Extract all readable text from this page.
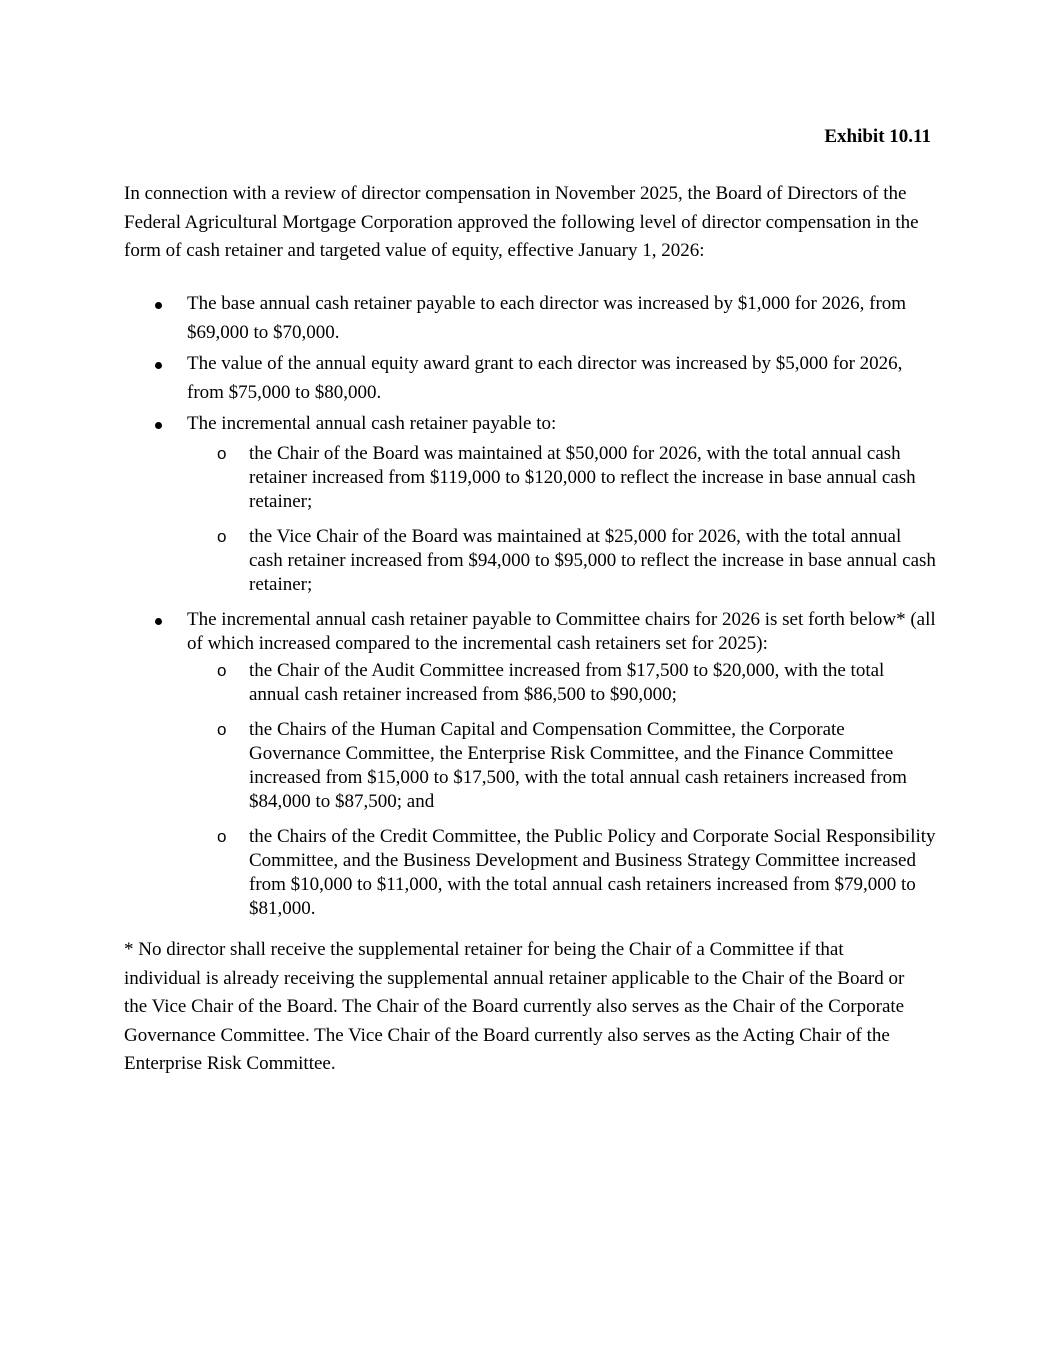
Exhibit 10.11

In connection with a review of director compensation in November 2025, the Board of Directors of the Federal Agricultural Mortgage Corporation approved the following level of director compensation in the form of cash retainer and targeted value of equity, effective January 1, 2026:

The base annual cash retainer payable to each director was increased by $1,000 for 2026, from $69,000 to $70,000.
The value of the annual equity award grant to each director was increased by $5,000 for 2026, from $75,000 to $80,000.
The incremental annual cash retainer payable to:
o the Chair of the Board was maintained at $50,000 for 2026, with the total annual cash retainer increased from $119,000 to $120,000 to reflect the increase in base annual cash retainer;
o the Vice Chair of the Board was maintained at $25,000 for 2026, with the total annual cash retainer increased from $94,000 to $95,000 to reflect the increase in base annual cash retainer;
The incremental annual cash retainer payable to Committee chairs for 2026 is set forth below* (all of which increased compared to the incremental cash retainers set for 2025):
o the Chair of the Audit Committee increased from $17,500 to $20,000, with the total annual cash retainer increased from $86,500 to $90,000;
o the Chairs of the Human Capital and Compensation Committee, the Corporate Governance Committee, the Enterprise Risk Committee, and the Finance Committee increased from $15,000 to $17,500, with the total annual cash retainers increased from $84,000 to $87,500; and
o the Chairs of the Credit Committee, the Public Policy and Corporate Social Responsibility Committee, and the Business Development and Business Strategy Committee increased from $10,000 to $11,000, with the total annual cash retainers increased from $79,000 to $81,000.

* No director shall receive the supplemental retainer for being the Chair of a Committee if that individual is already receiving the supplemental annual retainer applicable to the Chair of the Board or the Vice Chair of the Board. The Chair of the Board currently also serves as the Chair of the Corporate Governance Committee. The Vice Chair of the Board currently also serves as the Acting Chair of the Enterprise Risk Committee.
